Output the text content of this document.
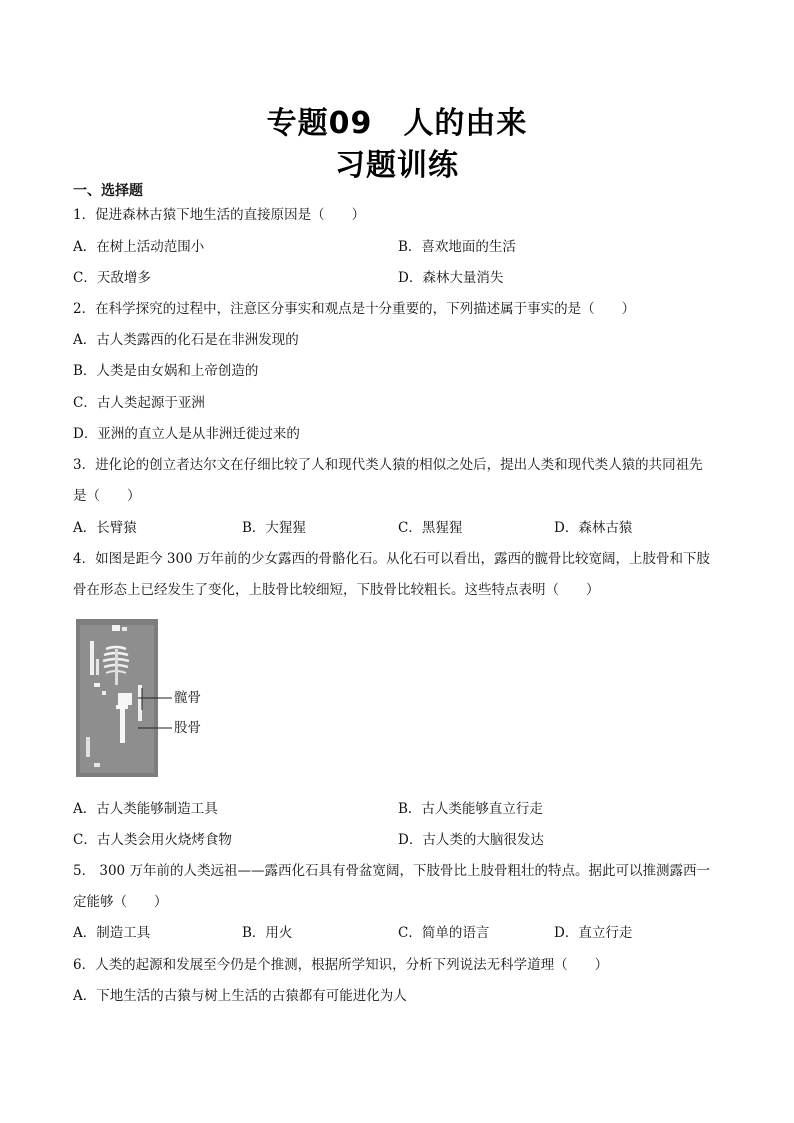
专题09　人的由来
习题训练
一、选择题
1．促进森林古猿下地生活的直接原因是（　　）
A．在树上活动范围小	B．喜欢地面的生活
C．天敌增多	D．森林大量消失
2．在科学探究的过程中，注意区分事实和观点是十分重要的，下列描述属于事实的是（　　）
A．古人类露西的化石是在非洲发现的
B．人类是由女娲和上帝创造的
C．古人类起源于亚洲
D．亚洲的直立人是从非洲迁徙过来的
3．进化论的创立者达尔文在仔细比较了人和现代类人猿的相似之处后，提出人类和现代类人猿的共同祖先
是（　　）
A．长臂猿	B．大猩猩	C．黑猩猩	D．森林古猿
4．如图是距今 300 万年前的少女露西的骨骼化石。从化石可以看出，露西的髋骨比较宽阔，上肢骨和下肢
骨在形态上已经发生了变化，上肢骨比较细短，下肢骨比较粗长。这些特点表明（　　）
髋骨
股骨
A．古人类能够制造工具	B．古人类能够直立行走
C．古人类会用火烧烤食物	D．古人类的大脑很发达
5． 300 万年前的人类远祖——露西化石具有骨盆宽阔，下肢骨比上肢骨粗壮的特点。据此可以推测露西一
定能够（　　）
A．制造工具	B．用火	C．简单的语言	D．直立行走
6．人类的起源和发展至今仍是个推测，根据所学知识，分析下列说法无科学道理（　　）
A．下地生活的古猿与树上生活的古猿都有可能进化为人
